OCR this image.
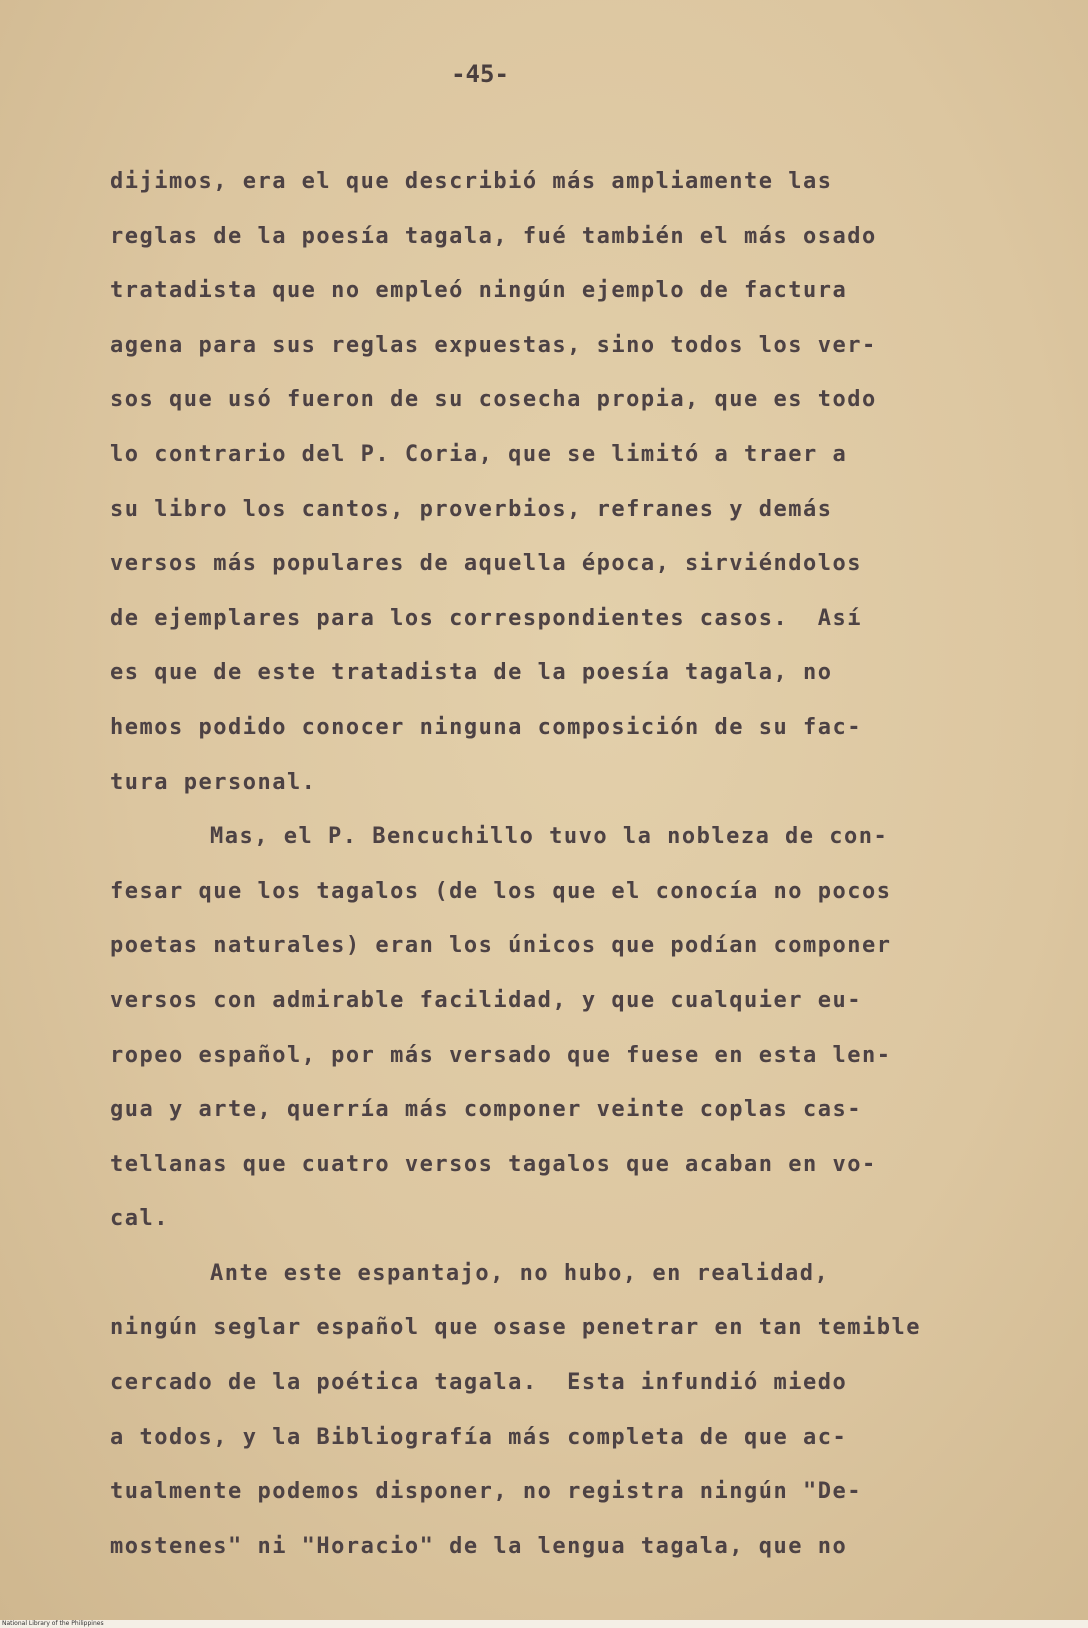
-45-

dijimos, era el que describió más ampliamente las
reglas de la poesía tagala, fué también el más osado
tratadista que no empleó ningún ejemplo de factura
agena para sus reglas expuestas, sino todos los ver-
sos que usó fueron de su cosecha propia, que es todo
lo contrario del P. Coria, que se limitó a traer a
su libro los cantos, proverbios, refranes y demás
versos más populares de aquella época, sirviéndolos
de ejemplares para los correspondientes casos.  Así
es que de este tratadista de la poesía tagala, no
hemos podido conocer ninguna composición de su fac-
tura personal.
Mas, el P. Bencuchillo tuvo la nobleza de con-
fesar que los tagalos (de los que el conocía no pocos
poetas naturales) eran los únicos que podían componer
versos con admirable facilidad, y que cualquier eu-
ropeo español, por más versado que fuese en esta len-
gua y arte, querría más componer veinte coplas cas-
tellanas que cuatro versos tagalos que acaban en vo-
cal.
Ante este espantajo, no hubo, en realidad,
ningún seglar español que osase penetrar en tan temible
cercado de la poética tagala.  Esta infundió miedo
a todos, y la Bibliografía más completa de que ac-
tualmente podemos disponer, no registra ningún "De-
mostenes" ni "Horacio" de la lengua tagala, que no
National Library of the Philippines
